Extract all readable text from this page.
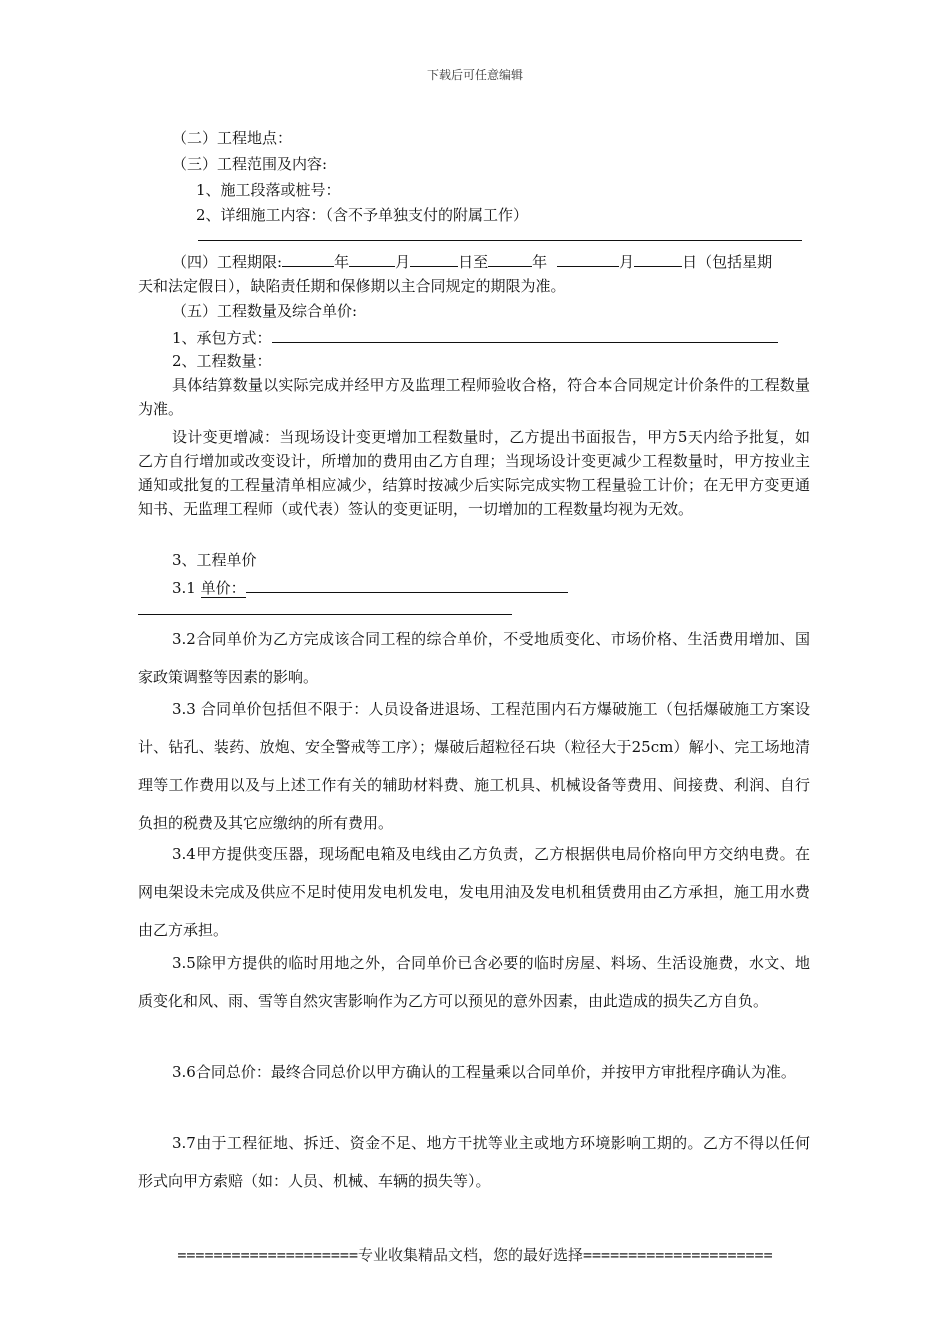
下载后可任意编辑
（二）工程地点：
（三）工程范围及内容:
1、施工段落或桩号：
2、详细施工内容：（含不予单独支付的附属工作）
（四）工程期限:	年	月	日至	年	月	日（包括星期
天和法定假日），缺陷责任期和保修期以主合同规定的期限为准。
（五）工程数量及综合单价:
1、承包方式：
2、工程数量：
具体结算数量以实际完成并经甲方及监理工程师验收合格，符合本合同规定计价条件的工程数量为准。
设计变更增减：当现场设计变更增加工程数量时，乙方提出书面报告，甲方5天内给予批复，如乙方自行增加或改变设计，所增加的费用由乙方自理；当现场设计变更减少工程数量时，甲方按业主通知或批复的工程量清单相应减少，结算时按减少后实际完成实物工程量验工计价；在无甲方变更通知书、无监理工程师（或代表）签认的变更证明，一切增加的工程数量均视为无效。
3、工程单价
3.1 单价：
3.2合同单价为乙方完成该合同工程的综合单价，不受地质变化、市场价格、生活费用增加、国家政策调整等因素的影响。
3.3 合同单价包括但不限于：人员设备进退场、工程范围内石方爆破施工（包括爆破施工方案设计、钻孔、装药、放炮、安全警戒等工序）；爆破后超粒径石块（粒径大于25cm）解小、完工场地清理等工作费用以及与上述工作有关的辅助材料费、施工机具、机械设备等费用、间接费、利润、自行负担的税费及其它应缴纳的所有费用。
3.4甲方提供变压器，现场配电箱及电线由乙方负责，乙方根据供电局价格向甲方交纳电费。在网电架设未完成及供应不足时使用发电机发电，发电用油及发电机租赁费用由乙方承担，施工用水费由乙方承担。
3.5除甲方提供的临时用地之外，合同单价已含必要的临时房屋、料场、生活设施费，水文、地质变化和风、雨、雪等自然灾害影响作为乙方可以预见的意外因素，由此造成的损失乙方自负。
3.6合同总价：最终合同总价以甲方确认的工程量乘以合同单价，并按甲方审批程序确认为准。
3.7由于工程征地、拆迁、资金不足、地方干扰等业主或地方环境影响工期的。乙方不得以任何形式向甲方索赔（如：人员、机械、车辆的损失等）。
====================专业收集精品文档，您的最好选择=====================
